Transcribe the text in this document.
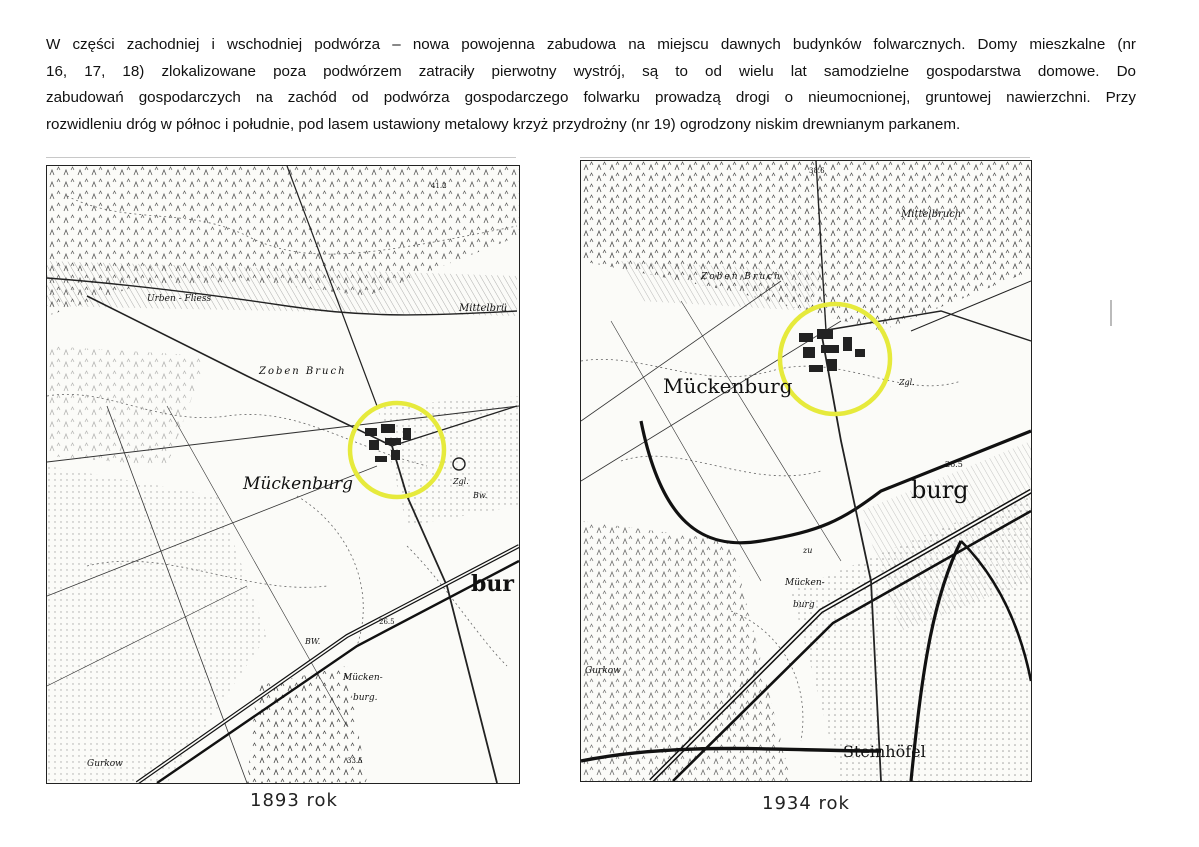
W części zachodniej i wschodniej podwórza – nowa powojenna zabudowa na miejscu dawnych budynków folwarcznych. Domy mieszkalne (nr
16, 17, 18) zlokalizowane poza podwórzem zatraciły pierwotny wystrój, są to od wielu lat samodzielne gospodarstwa domowe. Do
zabudowań gospodarczych na zachód od podwórza gospodarczego folwarku prowadzą drogi o nieumocnionej, gruntowej nawierzchni. Przy
rozwidleniu dróg w północ i południe, pod lasem ustawiony metalowy krzyż przydrożny (nr 19) ogrodzony niskim drewnianym parkanem.

Mückenburg
bur
Mittelbrü
Zoben Bruch
Urben - Fliess
Gurkow
Mücken-
burg.
26.5
41.2
33.5
BW.
Bw.
Zgl.
Mückenburg
burg
Mittelbruch
Zoben Bruch
Steinhöfel
Gurkow
Mücken-
burg
26.5
38.6
Zgl.
zu
1893 rok	1934 rok
